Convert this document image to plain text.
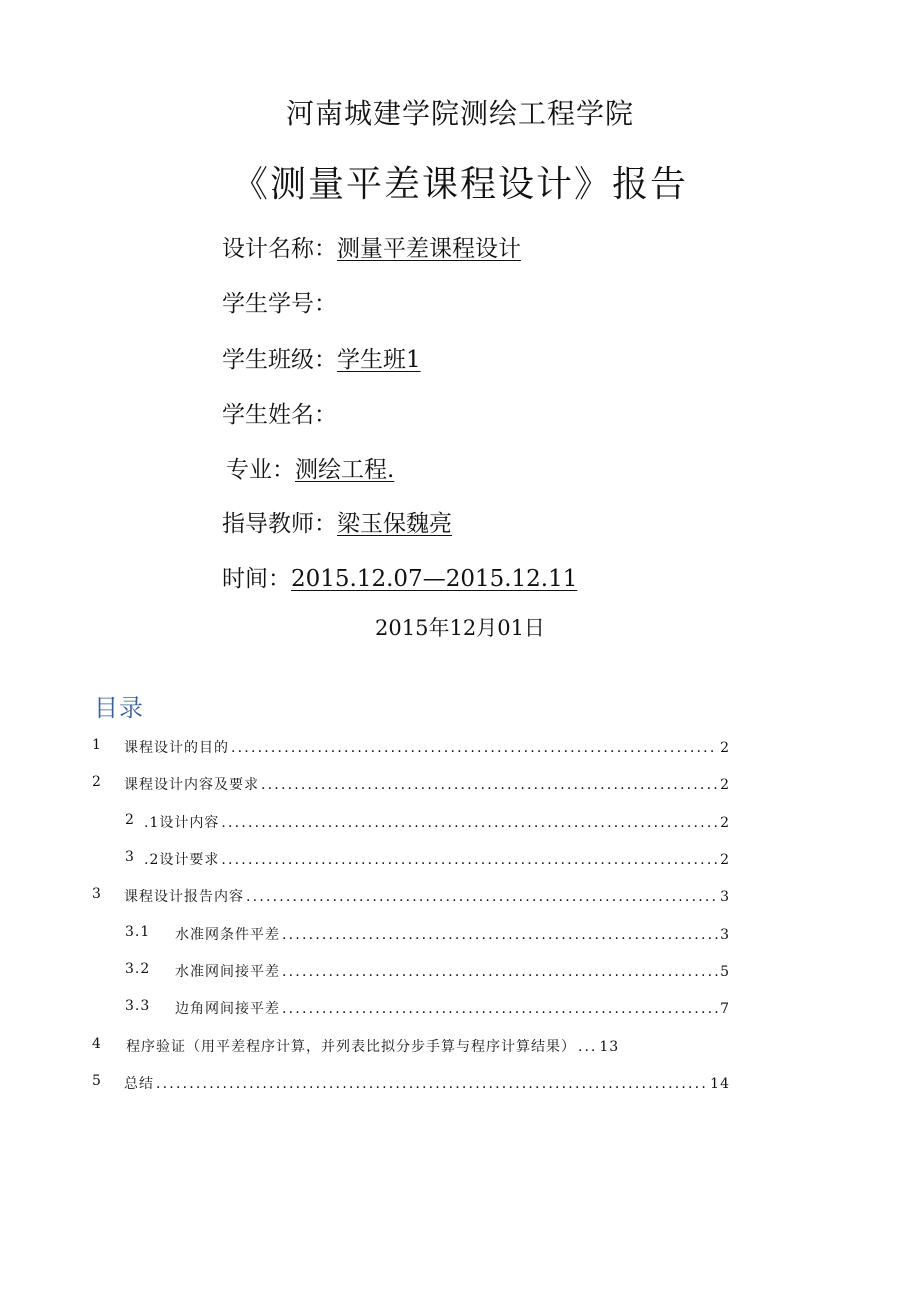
河南城建学院测绘工程学院
《测量平差课程设计》报告
设计名称： 测量平差课程设计
学生学号：
学生班级： 学生班1
学生姓名：
专业： 测绘工程.
指导教师： 梁玉保魏亮
时间： 2015.12.07—2015.12.11
2015年12月01日
目录
1 课程设计的目的 .....	2
2 课程设计内容及要求 .....	2
2 .1设计内容 .....	2
3 .2设计要求 .....	2
3 课程设计报告内容 .....	3
3.1 水准网条件平差 .....	3
3.2 水准网间接平差 .....	5
3.3 边角网间接平差 .....	7
4 程序验证（用平差程序计算，并列表比拟分步手算与程序计算结果） ... 13
5 总结 .....	14
